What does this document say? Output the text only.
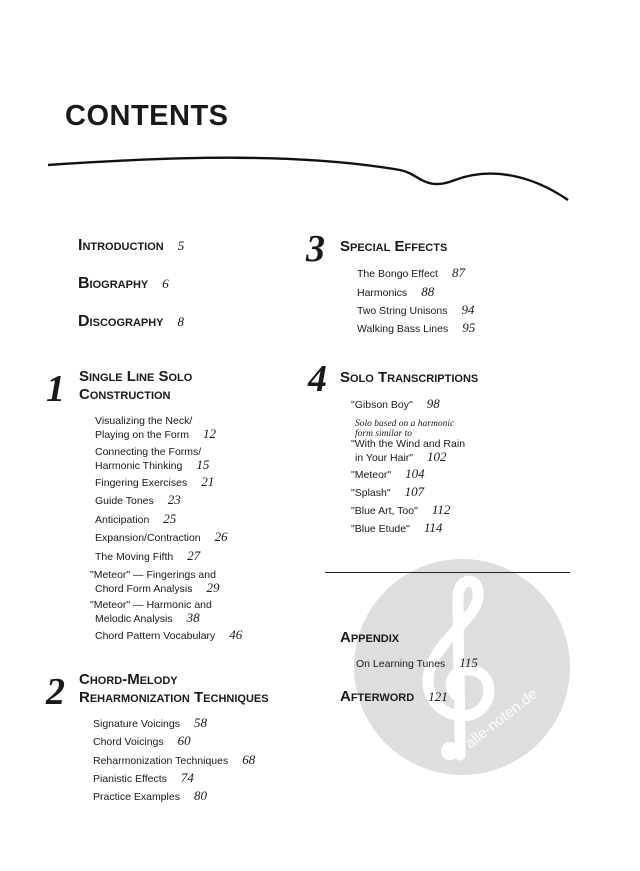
CONTENTS
Introduction 5
Biography 6
Discography 8
1 Single Line Solo
Construction
Visualizing the Neck/
Playing on the Form 12
Connecting the Forms/
Harmonic Thinking 15
Fingering Exercises 21
Guide Tones 23
Anticipation 25
Expansion/Contraction 26
The Moving Fifth 27
"Meteor" — Fingerings and
Chord Form Analysis 29
"Meteor" — Harmonic and
Melodic Analysis 38
Chord Pattern Vocabulary 46
2 Chord-Melody
Reharmonization Techniques
Signature Voicings 58
Chord Voicings 60
Reharmonization Techniques 68
Pianistic Effects 74
Practice Examples 80
3 Special Effects
The Bongo Effect 87
Harmonics 88
Two String Unisons 94
Walking Bass Lines 95
4 Solo Transcriptions
"Gibson Boy" 98
Solo based on a harmonic
form similar to
"With the Wind and Rain
in Your Hair" 102
"Meteor" 104
"Splash" 107
"Blue Art, Too" 112
"Blue Etude" 114
alle-noten.de
Appendix
On Learning Tunes 115
Afterword 121
